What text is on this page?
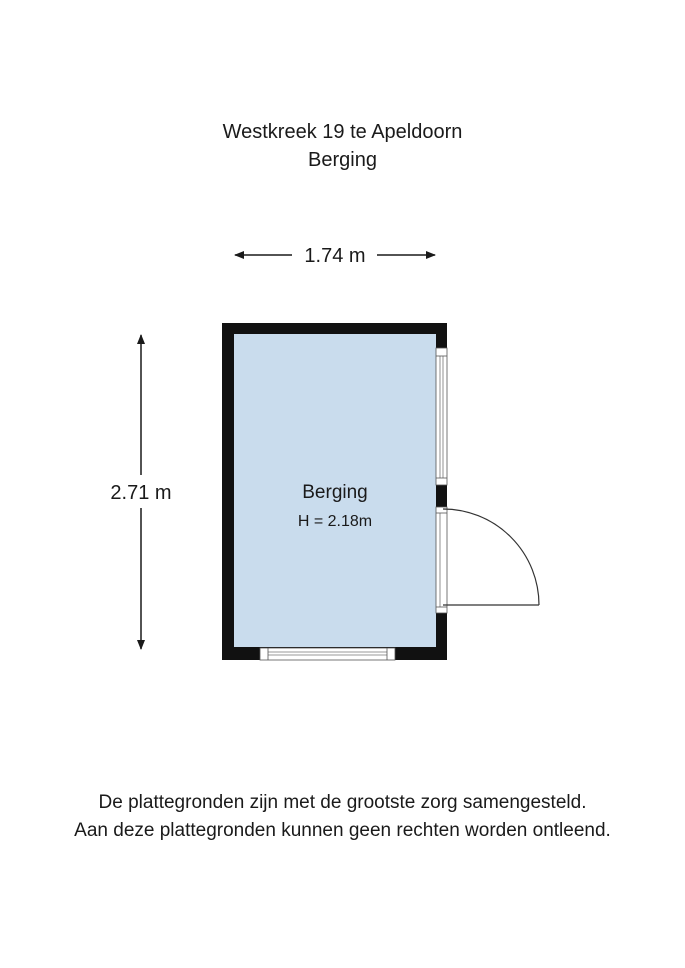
Westkreek 19 te Apeldoorn
Berging
1.74 m
2.71 m	Berging
H = 2.18m
De plattegronden zijn met de grootste zorg samengesteld.
Aan deze plattegronden kunnen geen rechten worden ontleend.
